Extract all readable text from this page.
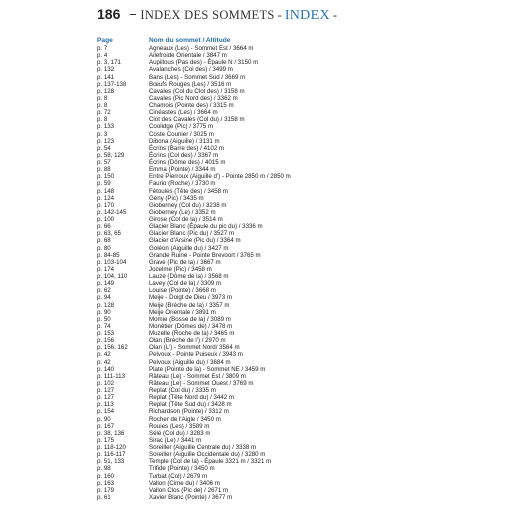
186 INDEX DES SOMMETS - INDEX -
Page	Nom du sommet / Altitude
p. 7	Agneaux (Les) - Sommet Est / 3664 m
p. 4	Ailefroide Orientale / 3847 m
p. 3, 171	Aupillous (Pas des) - Épaule N / 3150 m
p. 132	Avalanches (Col des) / 3499 m
p. 141	Bans (Les) - Sommet Sud / 3669 m
p. 137-138	Bœufs Rouges (Les) / 3516 m
p. 128	Cavales (Col du Clot des) / 3158 m
p. 8	Cavales (Pic Nord des) / 3362 m
p. 8	Chamois (Pointe des) / 3315 m
p. 72	Cinéastes (Les) / 3664 m
p. 8	Clot des Cavales (Col du) / 3158 m
p. 133	Coolidge (Pic) / 3775 m
p. 3	Coste Counier / 3025 m
p. 123	Dibona (Aiguille) / 3131 m
p. 54	Écrins (Barre des) / 4102 m
p. 58, 129	Écrins (Col des) / 3367 m
p. 57	Écrins (Dôme des) / 4015 m
p. 88	Emma (Pointe) / 3344 m
p. 150	Entre Pierroux (Aiguille d') - Pointe 2850 m / 2850 m
p. 59	Faurio (Roche) / 3730 m
p. 148	Fétoules (Tête des) / 3458 m
p. 124	Gény (Pic) / 3435 m
p. 170	Gioberney (Col du) / 3238 m
p. 142-145	Gioberney (Le) / 3352 m
p. 100	Girose (Col de la) / 3514 m
p. 66	Glacier Blanc (Épaule du pic du) / 3336 m
p. 63, 65	Glacier Blanc (Pic du) / 3527 m
p. 68	Glacier d'Arsine (Pic du) / 3364 m
p. 80	Goléon (Aiguille du) / 3427 m
p. 84-85	Grande Ruine - Pointe Brevoort / 3765 m
p. 103-104	Grave (Pic de la) / 3667 m
p. 174	Jocelme (Pic) / 3458 m
p. 104, 110	Lauze (Dôme de la) / 3568 m
p. 149	Lavey (Col de la) / 3309 m
p. 62	Louise (Pointe) / 3668 m
p. 94	Meije - Doigt de Dieu / 3973 m
p. 128	Meije (Brèche de la) / 3357 m
p. 90	Meije Orientale / 3891 m
p. 50	Momie (Bosse de la) / 3089 m
p. 74	Monêtier (Dômes de) / 3478 m
p. 153	Muzelle (Roche de la) / 3465 m
p. 156	Olan (Brèche de l') / 2970 m
p. 156, 162	Olan (L') - Sommet Nord/ 3564 m
p. 42	Pelvoux - Pointe Puiseux / 3943 m
p. 42	Pelvoux (Aiguille du) / 3684 m
p. 140	Plate (Pointe de la) - Sommet NE / 3459 m
p. 111-113	Râteau (Le) - Sommet Est / 3809 m
p. 102	Râteau (Le) - Sommet Ouest / 3769 m
p. 127	Replat (Col du) / 3335 m
p. 127	Replat (Tête Nord du) / 3442 m
p. 113	Replat (Tête Sud du) / 3428 m
p. 154	Richardson (Pointe) / 3312 m
p. 90	Rocher de l'Aigle / 3450 m
p. 167	Rouies (Les) / 3589 m
p. 38, 136	Sélé (Col du) / 3283 m
p. 175	Sirac (Le) / 3441 m
p. 118-120	Soreiller (Aiguille Centrale du) / 3338 m
p. 116-117	Soreiller (Aiguille Occidentale du) / 3280 m
p. 51, 133	Temple (Col de la) - Épaule 3321 m / 3321 m
p. 98	Trifide (Pointe) / 3450 m
p. 160	Turbat (Col) / 2679 m
p. 163	Vallon (Cime du) / 3406 m
p. 179	Vallon Clos (Pic de) / 2671 m
p. 61	Xavier Blanc (Pointe) / 3677 m
